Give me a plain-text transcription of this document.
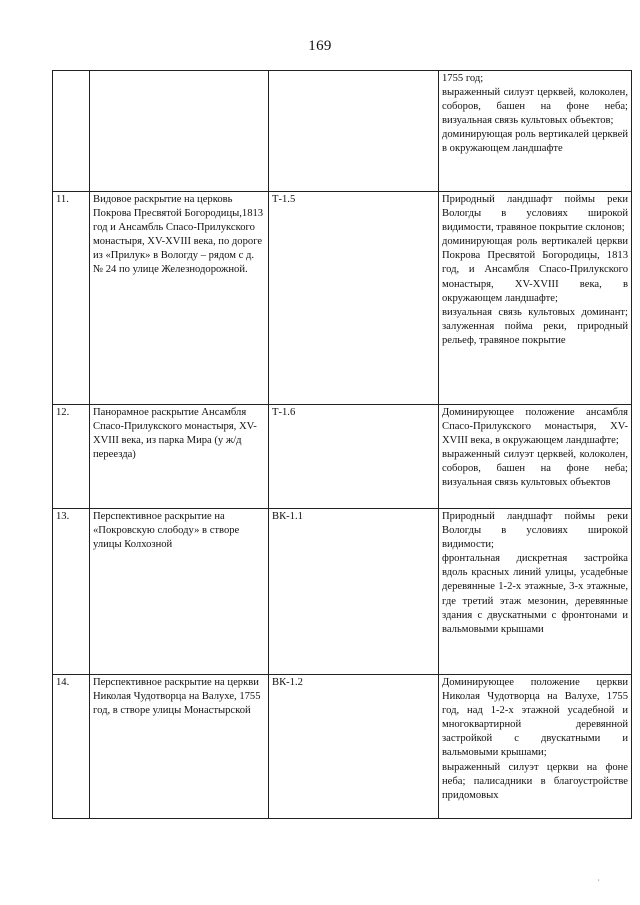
169

			1755 год;
выраженный силуэт церквей, колоколен, соборов, башен на фоне неба; визуальная связь культовых объектов;
доминирующая роль вертикалей церквей в окружающем ландшафте

11.	Видовое раскрытие на церковь Покрова Пресвятой Богородицы,1813 год и Ансамбль Спасо-Прилукского монастыря, XV-XVIII века, по дороге из «Прилук» в Вологду – рядом с д. № 24 по улице Железнодорожной.	Т-1.5	Природный ландшафт поймы реки Вологды в условиях широкой видимости, травяное покрытие склонов;
доминирующая роль вертикалей церкви Покрова Пресвятой Богородицы, 1813 год, и Ансамбля Спасо-Прилукского монастыря, XV-XVIII века, в окружающем ландшафте;
визуальная связь культовых доминант; залуженная пойма реки, природный рельеф, травяное покрытие

12.	Панорамное раскрытие Ансамбля Спасо-Прилукского монастыря, XV-XVIII века, из парка Мира (у ж/д переезда)	Т-1.6	Доминирующее положение ансамбля Спасо-Прилукского монастыря, XV-XVIII века, в окружающем ландшафте;
выраженный силуэт церквей, колоколен, соборов, башен на фоне неба; визуальная связь культовых объектов

13.	Перспективное раскрытие на «Покровскую слободу» в створе улицы Колхозной	ВК-1.1	Природный ландшафт поймы реки Вологды в условиях широкой видимости;
фронтальная дискретная застройка вдоль красных линий улицы, усадебные деревянные 1-2-х этажные, 3-х этажные, где третий этаж мезонин, деревянные здания с двускатными с фронтонами и вальмовыми крышами

14.	Перспективное раскрытие на церкви Николая Чудотворца на Валухе, 1755 год, в створе улицы Монастырской	ВК-1.2	Доминирующее положение церкви Николая Чудотворца на Валухе, 1755 год, над 1-2-х этажной усадебной и многоквартирной деревянной застройкой с двускатными и вальмовыми крышами;
выраженный силуэт церкви на фоне неба; палисадники в благоустройстве придомовых
,
